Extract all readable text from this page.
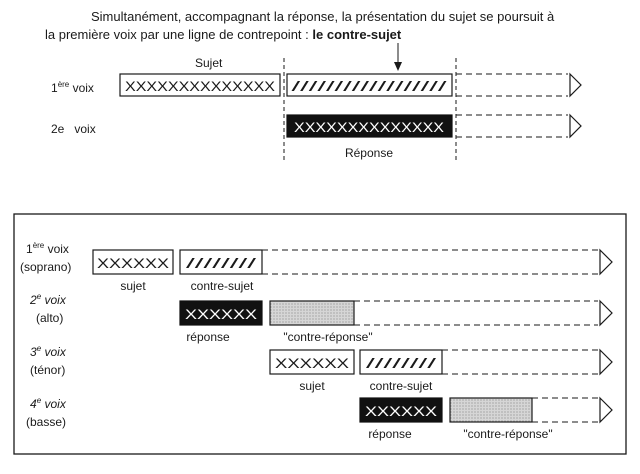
Simultanément, accompagnant la réponse, la présentation du sujet se poursuit à
la première voix par une ligne de contrepoint : le contre-sujet
Sujet
1ère voix
2e   voix
XXXXXXXXXXXXXX //////////////////
XXXXXXXXXXXXXX
Réponse
1ère voix
(soprano)
2e voix
(alto)
3e voix
(ténor)
4e voix
(basse)
XXXXXX ////////
sujet	contre-sujet
XXXXXX
réponse	"contre-réponse"
XXXXXX ////////
sujet	contre-sujet
XXXXXX
réponse	"contre-réponse"
